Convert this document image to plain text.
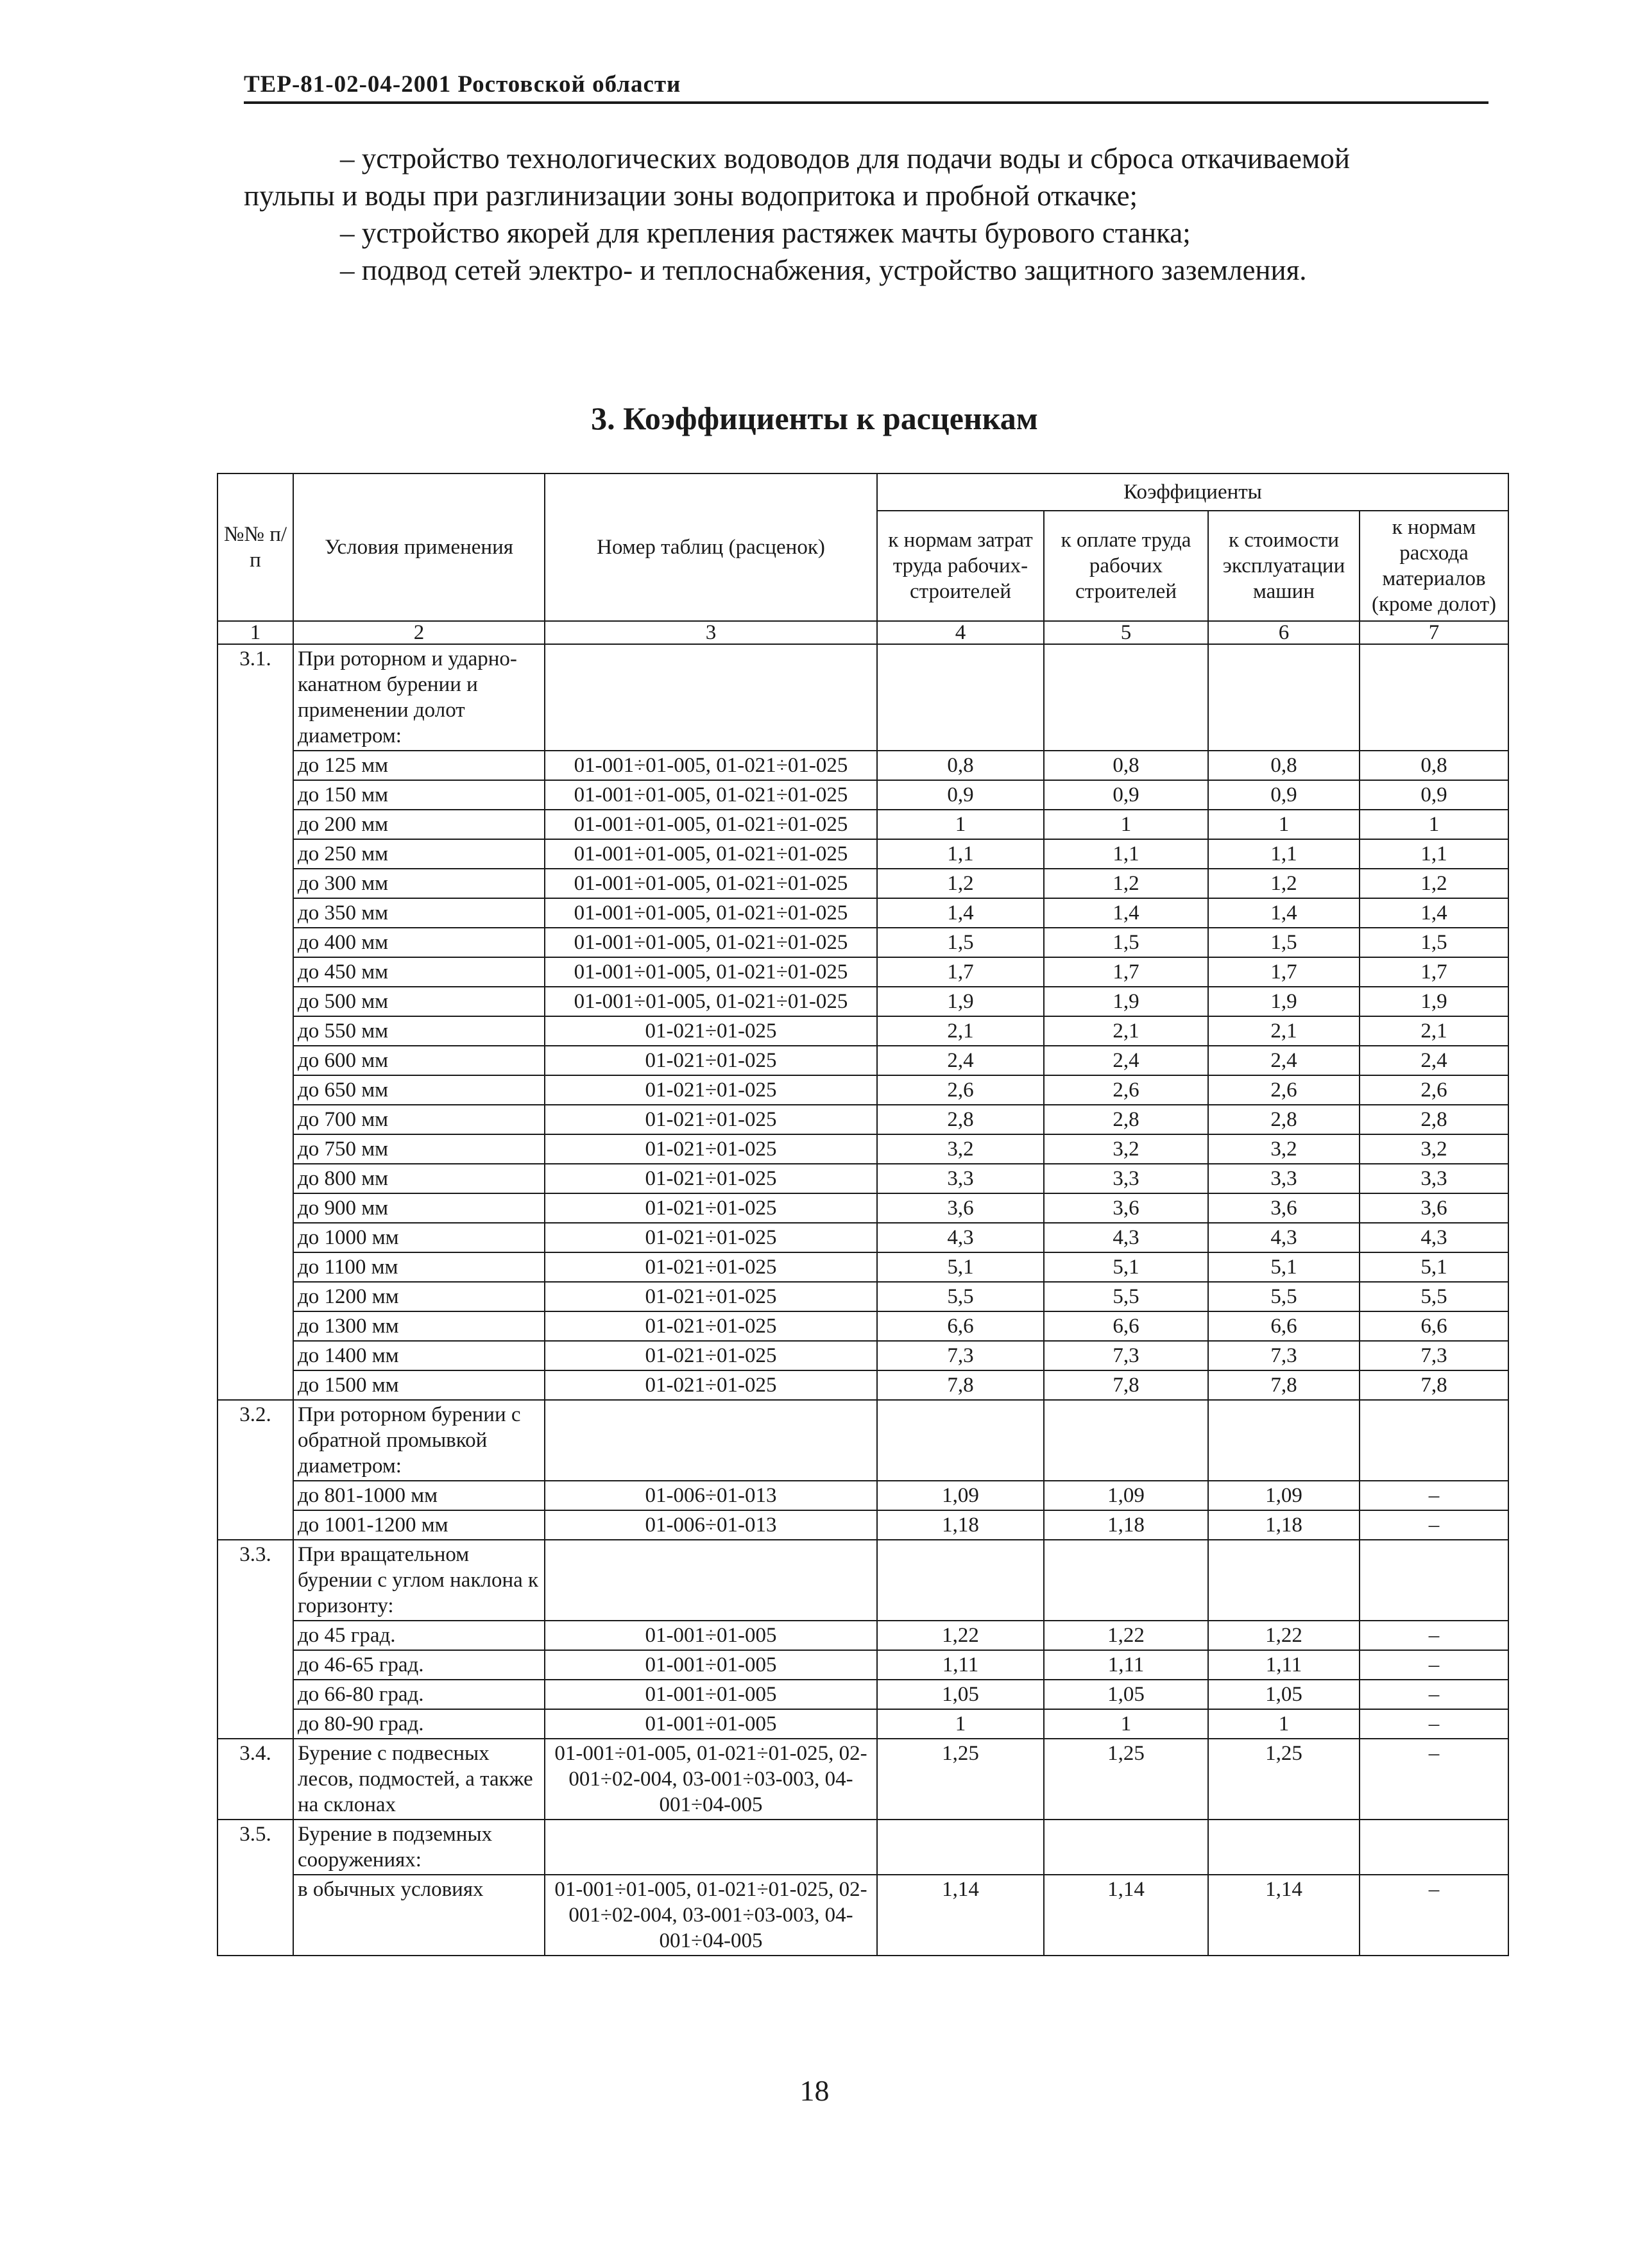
ТЕР-81-02-04-2001 Ростовской области

– устройство технологических водоводов для подачи воды и сброса откачиваемой

пульпы и воды при разглинизации зоны водопритока и пробной откачке;

– устройство якорей для крепления растяжек мачты бурового станка;

– подвод сетей электро- и теплоснабжения, устройство защитного заземления.

3. Коэффициенты к расценкам
№№ п/п	Условия применения	Номер таблиц (расценок)	Коэффициенты			
			к нормам затрат труда рабочих-строителей	к оплате труда рабочих строителей	к стоимости эксплуатации машин	к нормам расхода материалов (кроме долот)
1	2	3	4	5	6	7
3.1.	При роторном и ударно-канатном бурении и применении долот диаметром:					
	до 125 мм	01-001÷01-005, 01-021÷01-025	0,8	0,8	0,8	0,8
	до 150 мм	01-001÷01-005, 01-021÷01-025	0,9	0,9	0,9	0,9
	до 200 мм	01-001÷01-005, 01-021÷01-025	1	1	1	1
	до 250 мм	01-001÷01-005, 01-021÷01-025	1,1	1,1	1,1	1,1
	до 300 мм	01-001÷01-005, 01-021÷01-025	1,2	1,2	1,2	1,2
	до 350 мм	01-001÷01-005, 01-021÷01-025	1,4	1,4	1,4	1,4
	до 400 мм	01-001÷01-005, 01-021÷01-025	1,5	1,5	1,5	1,5
	до 450 мм	01-001÷01-005, 01-021÷01-025	1,7	1,7	1,7	1,7
	до 500 мм	01-001÷01-005, 01-021÷01-025	1,9	1,9	1,9	1,9
	до 550 мм	01-021÷01-025	2,1	2,1	2,1	2,1
	до 600 мм	01-021÷01-025	2,4	2,4	2,4	2,4
	до 650 мм	01-021÷01-025	2,6	2,6	2,6	2,6
	до 700 мм	01-021÷01-025	2,8	2,8	2,8	2,8
	до 750 мм	01-021÷01-025	3,2	3,2	3,2	3,2
	до 800 мм	01-021÷01-025	3,3	3,3	3,3	3,3
	до 900 мм	01-021÷01-025	3,6	3,6	3,6	3,6
	до 1000 мм	01-021÷01-025	4,3	4,3	4,3	4,3
	до 1100 мм	01-021÷01-025	5,1	5,1	5,1	5,1
	до 1200 мм	01-021÷01-025	5,5	5,5	5,5	5,5
	до 1300 мм	01-021÷01-025	6,6	6,6	6,6	6,6
	до 1400 мм	01-021÷01-025	7,3	7,3	7,3	7,3
	до 1500 мм	01-021÷01-025	7,8	7,8	7,8	7,8
3.2.	При роторном бурении с обратной промывкой диаметром:					
	до 801-1000 мм	01-006÷01-013	1,09	1,09	1,09	–
	до 1001-1200 мм	01-006÷01-013	1,18	1,18	1,18	–
3.3.	При вращательном бурении с углом наклона к горизонту:					
	до 45 град.	01-001÷01-005	1,22	1,22	1,22	–
	до 46-65 град.	01-001÷01-005	1,11	1,11	1,11	–
	до 66-80 град.	01-001÷01-005	1,05	1,05	1,05	–
	до 80-90 град.	01-001÷01-005	1	1	1	–
3.4.	Бурение с подвесных лесов, подмостей, а также на склонах	01-001÷01-005, 01-021÷01-025, 02-001÷02-004, 03-001÷03-003, 04-001÷04-005	1,25	1,25	1,25	–
3.5.	Бурение в подземных сооружениях:					
	в обычных условиях	01-001÷01-005, 01-021÷01-025, 02-001÷02-004, 03-001÷03-003, 04-001÷04-005	1,14	1,14	1,14	–
18
